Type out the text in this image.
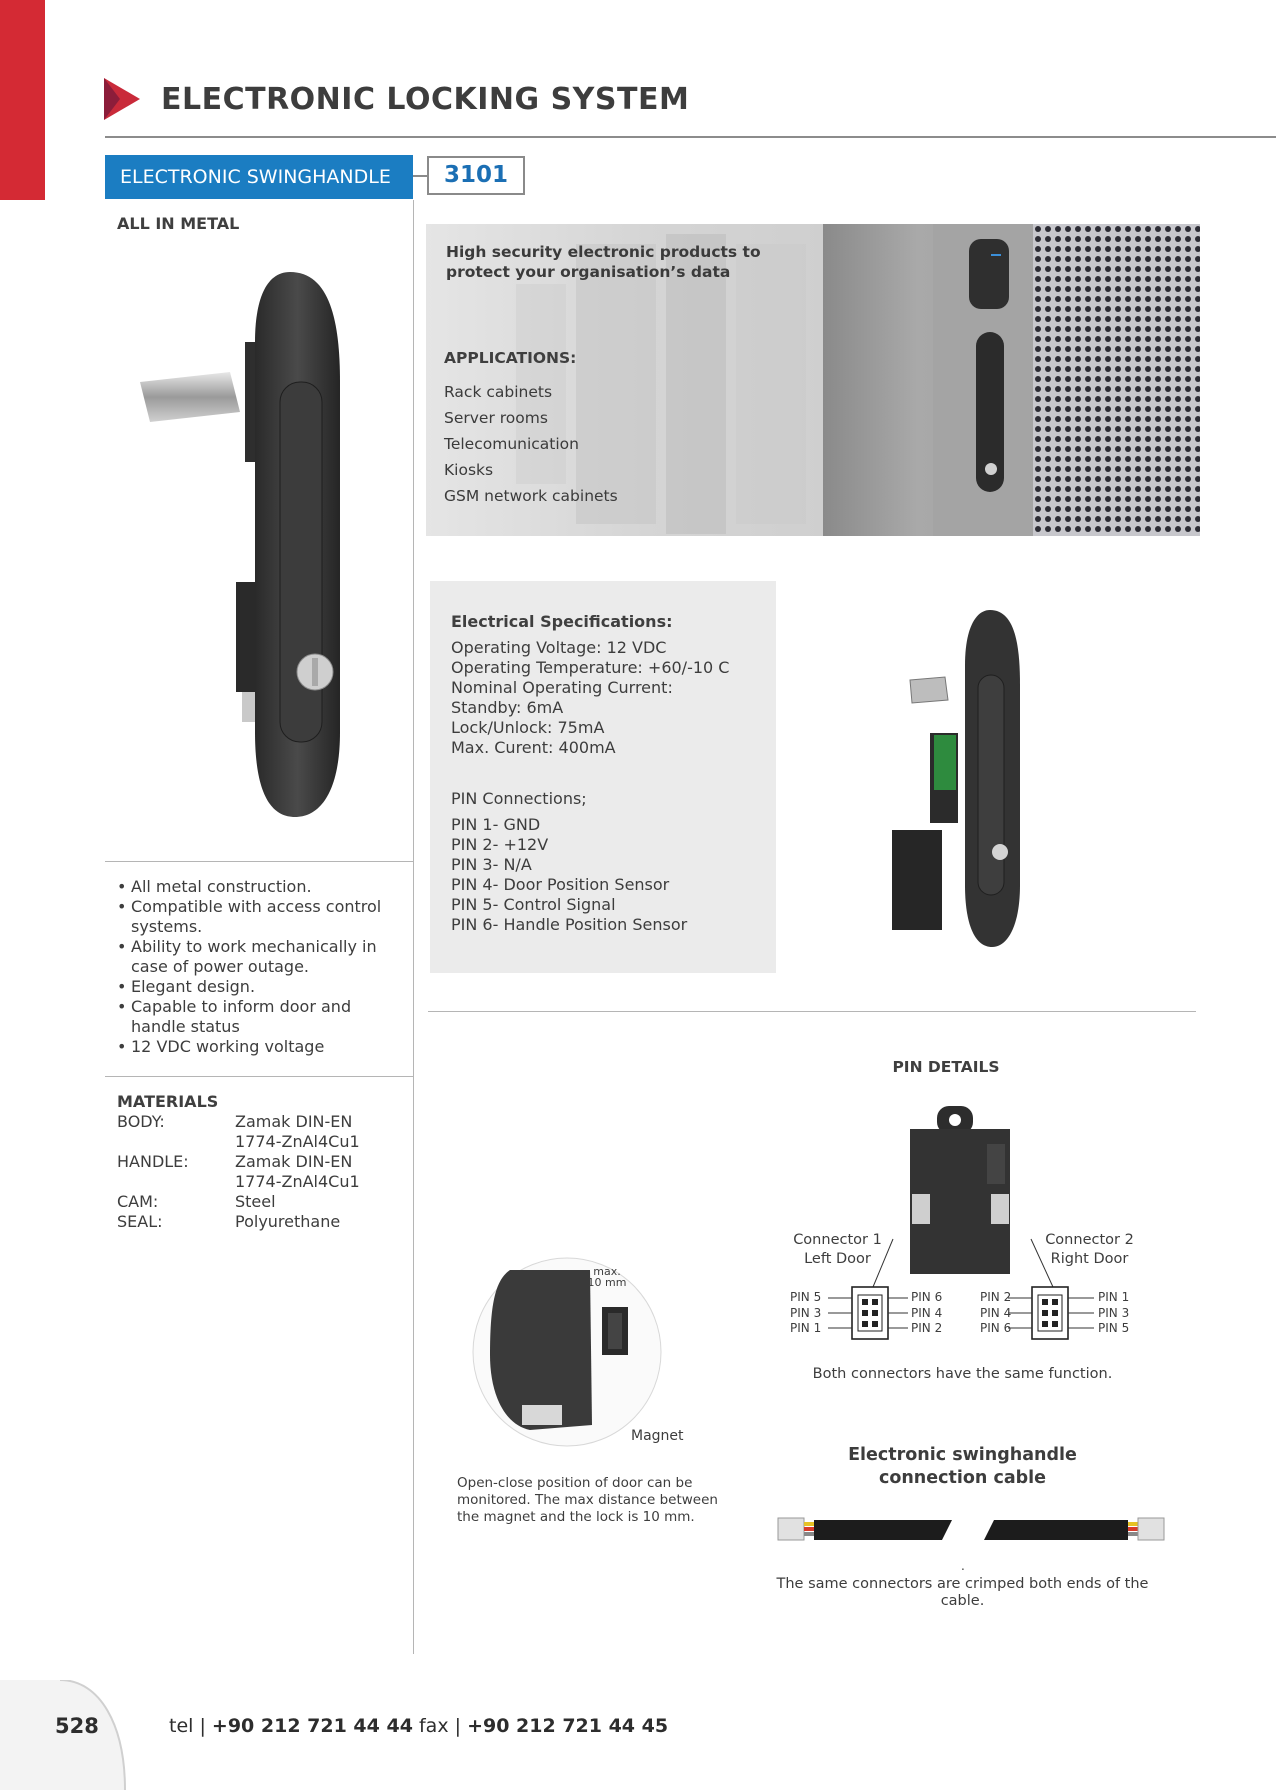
ELECTRONIC LOCKING SYSTEM
ELECTRONIC SWINGHANDLE	3101
ALL IN METAL
• All metal construction.
• Compatible with access control systems.
• Ability to work mechanically in case of power outage.
• Elegant design.
• Capable to inform door and handle status
• 12 VDC working voltage
MATERIALS
BODY:	Zamak DIN-EN 1774-ZnAl4Cu1
HANDLE:	Zamak DIN-EN 1774-ZnAl4Cu1
CAM:	Steel
SEAL:	Polyurethane
High security electronic products to
protect your organisation’s data
APPLICATIONS:
Rack cabinets
Server rooms
Telecomunication
Kiosks
GSM network cabinets
Electrical Specifications:
Operating Voltage: 12 VDC
Operating Temperature: +60/-10 C
Nominal Operating Current:
Standby: 6mA
Lock/Unlock: 75mA
Max. Curent: 400mA
PIN Connections;
PIN 1- GND
PIN 2- +12V
PIN 3- N/A
PIN 4- Door Position Sensor
PIN 5- Control Signal
PIN 6- Handle Position Sensor
PIN DETAILS
Connector 1
Left Door
Connector 2
Right Door
PIN 5
PIN 3
PIN 1
PIN 6
PIN 4
PIN 2
PIN 2
PIN 4
PIN 6
PIN 1
PIN 3
PIN 5
Both connectors have the same function.
max.
10 mm
Magnet
Open-close position of door can be
monitored. The max distance between
the magnet and the lock is 10 mm.
Electronic swinghandle
connection cable
.
The same connectors are crimped both ends of the cable.
528	tel | +90 212 721 44 44 fax | +90 212 721 44 45
